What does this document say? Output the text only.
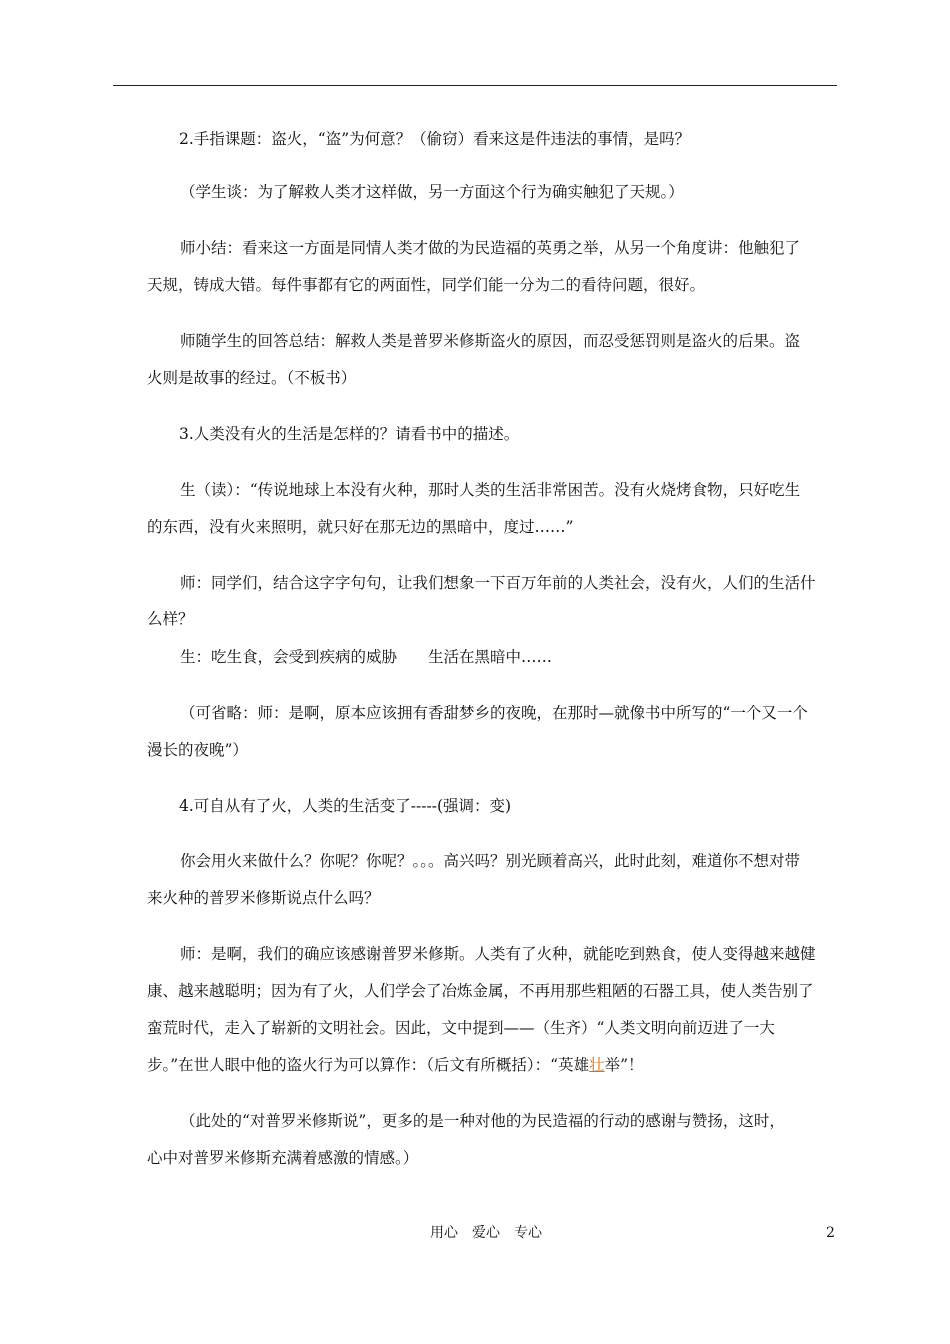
2.手指课题：盗火，“盗”为何意？（偷窃）看来这是件违法的事情，是吗？
（学生谈：为了解救人类才这样做，另一方面这个行为确实触犯了天规。）
师小结：看来这一方面是同情人类才做的为民造福的英勇之举，从另一个角度讲：他触犯了
天规，铸成大错。每件事都有它的两面性，同学们能一分为二的看待问题，很好。
师随学生的回答总结：解救人类是普罗米修斯盗火的原因，而忍受惩罚则是盗火的后果。盗
火则是故事的经过。（不板书）
3.人类没有火的生活是怎样的？请看书中的描述。
生（读）：“传说地球上本没有火种，那时人类的生活非常困苦。没有火烧烤食物，只好吃生
的东西，没有火来照明，就只好在那无边的黑暗中，度过……”
师：同学们，结合这字字句句，让我们想象一下百万年前的人类社会，没有火，人们的生活什
么样？
生：吃生食，会受到疾病的威胁　　生活在黑暗中……
（可省略：师：是啊，原本应该拥有香甜梦乡的夜晚，在那时—就像书中所写的“一个又一个
漫长的夜晚”）
4.可自从有了火，人类的生活变了-----(强调：变)
你会用火来做什么？你呢？你呢？。。。高兴吗？别光顾着高兴，此时此刻，难道你不想对带
来火种的普罗米修斯说点什么吗？
师：是啊，我们的确应该感谢普罗米修斯。人类有了火种，就能吃到熟食，使人变得越来越健
康、越来越聪明；因为有了火，人们学会了冶炼金属，不再用那些粗陋的石器工具，使人类告别了
蛮荒时代，走入了崭新的文明社会。因此，文中提到——（生齐）“人类文明向前迈进了一大
步。”在世人眼中他的盗火行为可以算作：（后文有所概括）：“英雄壮举”！
（此处的“对普罗米修斯说”，更多的是一种对他的为民造福的行动的感谢与赞扬，这时，
心中对普罗米修斯充满着感激的情感。）
用心 爱心 专心	2
